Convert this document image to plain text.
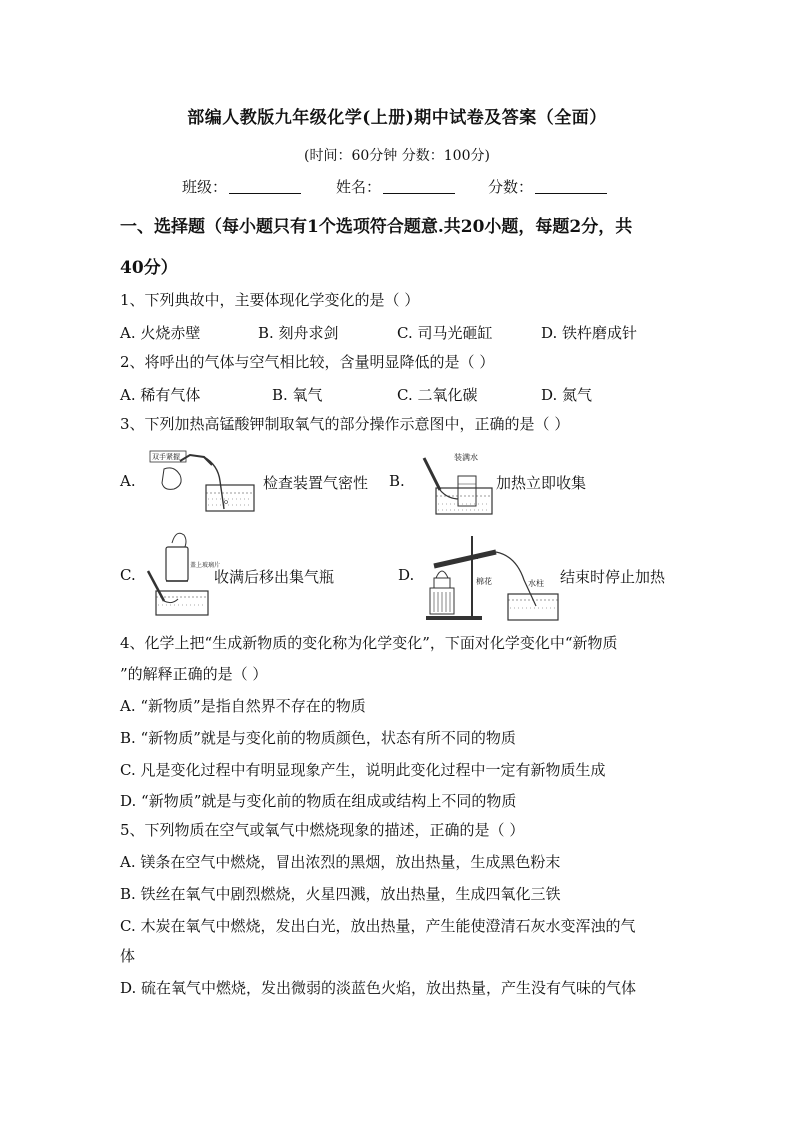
部编人教版九年级化学(上册)期中试卷及答案（全面）
(时间：60分钟 分数：100分)
班级：	姓名：	分数：
一、选择题（每小题只有1个选项符合题意.共20小题，每题2分，共
40分）
1、下列典故中，主要体现化学变化的是（ ）
A. 火烧赤壁	B. 刻舟求剑	C. 司马光砸缸	D. 铁杵磨成针
2、将呼出的气体与空气相比较，含量明显降低的是（ ）
A. 稀有气体	B. 氧气	C. 二氧化碳	D. 氮气
3、下列加热高锰酸钾制取氧气的部分操作示意图中，正确的是（ ）
A.
双手紧握
检查装置气密性 B.
装满水
加热立即收集
C.
盖上玻璃片
收满后移出集气瓶	D.	棉花	水柱 结束时停止加热
4、化学上把“生成新物质的变化称为化学变化”，下面对化学变化中“新物质
”的解释正确的是（ ）
A. “新物质”是指自然界不存在的物质
B. “新物质”就是与变化前的物质颜色，状态有所不同的物质
C. 凡是变化过程中有明显现象产生，说明此变化过程中一定有新物质生成
D. “新物质”就是与变化前的物质在组成或结构上不同的物质
5、下列物质在空气或氧气中燃烧现象的描述，正确的是（ ）
A. 镁条在空气中燃烧，冒出浓烈的黑烟，放出热量，生成黑色粉末
B. 铁丝在氧气中剧烈燃烧，火星四溅，放出热量，生成四氧化三铁
C. 木炭在氧气中燃烧，发出白光，放出热量，产生能使澄清石灰水变浑浊的气
体
D. 硫在氧气中燃烧，发出微弱的淡蓝色火焰，放出热量，产生没有气味的气体
